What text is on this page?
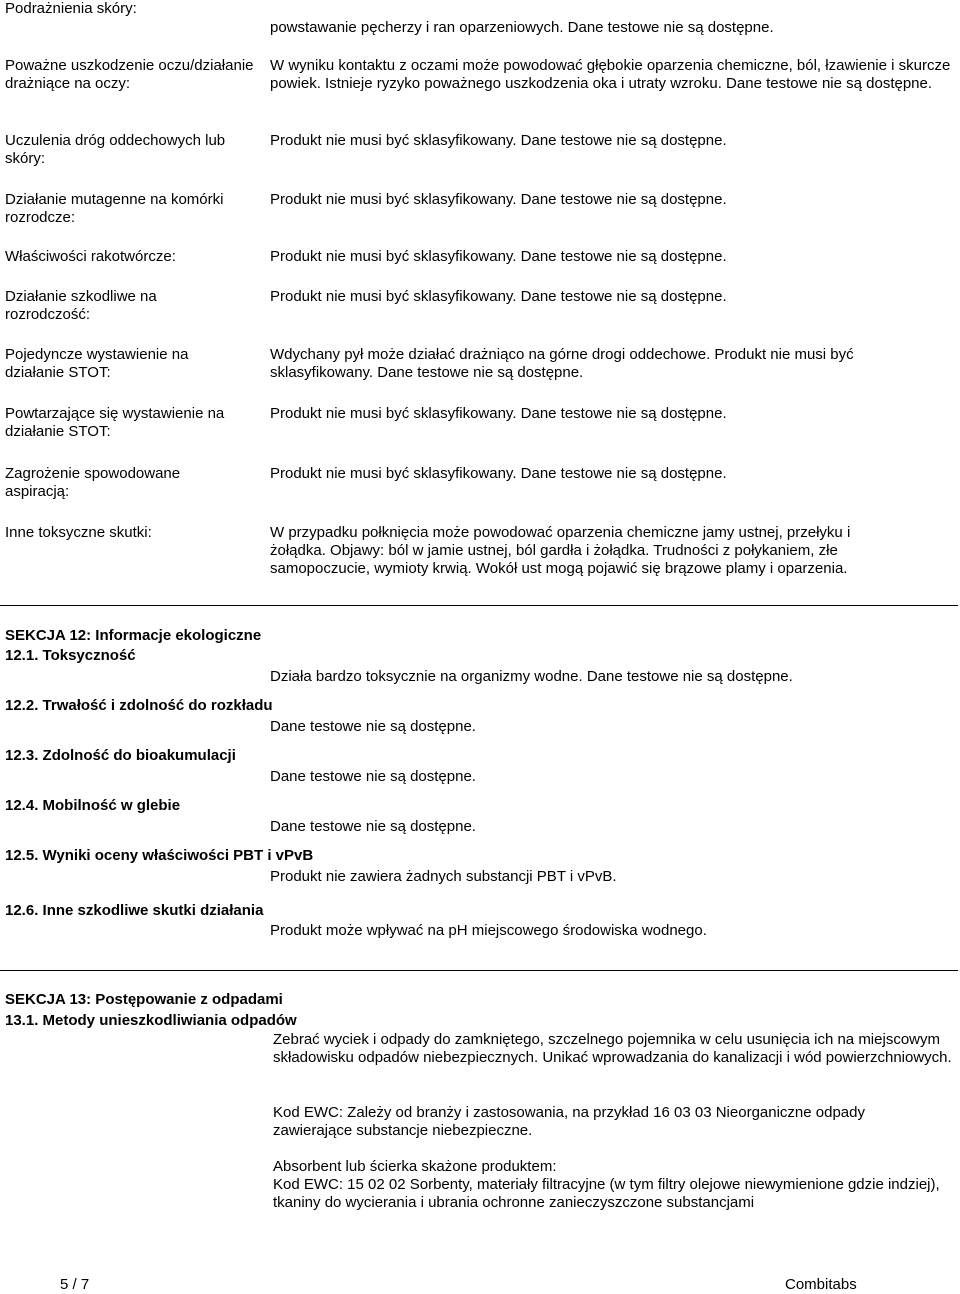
Podrażnienia skóry:
powstawanie pęcherzy i ran oparzeniowych. Dane testowe nie są dostępne.
Poważne uszkodzenie oczu/działanie drażniące na oczy:
W wyniku kontaktu z oczami może powodować głębokie oparzenia chemiczne, ból, łzawienie i skurcze powiek. Istnieje ryzyko poważnego uszkodzenia oka i utraty wzroku. Dane testowe nie są dostępne.
Uczulenia dróg oddechowych lub skóry:
Produkt nie musi być sklasyfikowany. Dane testowe nie są dostępne.
Działanie mutagenne na komórki rozrodcze:
Produkt nie musi być sklasyfikowany. Dane testowe nie są dostępne.
Właściwości rakotwórcze:	Produkt nie musi być sklasyfikowany. Dane testowe nie są dostępne.
Działanie szkodliwe na rozrodczość:
Produkt nie musi być sklasyfikowany. Dane testowe nie są dostępne.
Pojedyncze wystawienie na działanie STOT:
Wdychany pył może działać drażniąco na górne drogi oddechowe. Produkt nie musi być sklasyfikowany. Dane testowe nie są dostępne.
Powtarzające się wystawienie na działanie STOT:
Produkt nie musi być sklasyfikowany. Dane testowe nie są dostępne.
Zagrożenie spowodowane aspiracją:
Produkt nie musi być sklasyfikowany. Dane testowe nie są dostępne.
Inne toksyczne skutki:	W przypadku połknięcia może powodować oparzenia chemiczne jamy ustnej, przełyku i żołądka. Objawy: ból w jamie ustnej, ból gardła i żołądka. Trudności z połykaniem, złe samopoczucie, wymioty krwią. Wokół ust mogą pojawić się brązowe plamy i oparzenia.
SEKCJA 12: Informacje ekologiczne
12.1. Toksyczność
Działa bardzo toksycznie na organizmy wodne. Dane testowe nie są dostępne.
12.2. Trwałość i zdolność do rozkładu
Dane testowe nie są dostępne.
12.3. Zdolność do bioakumulacji
Dane testowe nie są dostępne.
12.4. Mobilność w glebie
Dane testowe nie są dostępne.
12.5. Wyniki oceny właściwości PBT i vPvB
Produkt nie zawiera żadnych substancji PBT i vPvB.
12.6. Inne szkodliwe skutki działania
Produkt może wpływać na pH miejscowego środowiska wodnego.
SEKCJA 13: Postępowanie z odpadami
13.1. Metody unieszkodliwiania odpadów
Zebrać wyciek i odpady do zamkniętego, szczelnego pojemnika w celu usunięcia ich na miejscowym składowisku odpadów niebezpiecznych. Unikać wprowadzania do kanalizacji i wód powierzchniowych.
Kod EWC: Zależy od branży i zastosowania, na przykład 16 03 03 Nieorganiczne odpady zawierające substancje niebezpieczne.
Absorbent lub ścierka skażone produktem:
Kod EWC: 15 02 02 Sorbenty, materiały filtracyjne (w tym filtry olejowe niewymienione gdzie indziej), tkaniny do wycierania i ubrania ochronne zanieczyszczone substancjami
5 / 7	Combitabs
